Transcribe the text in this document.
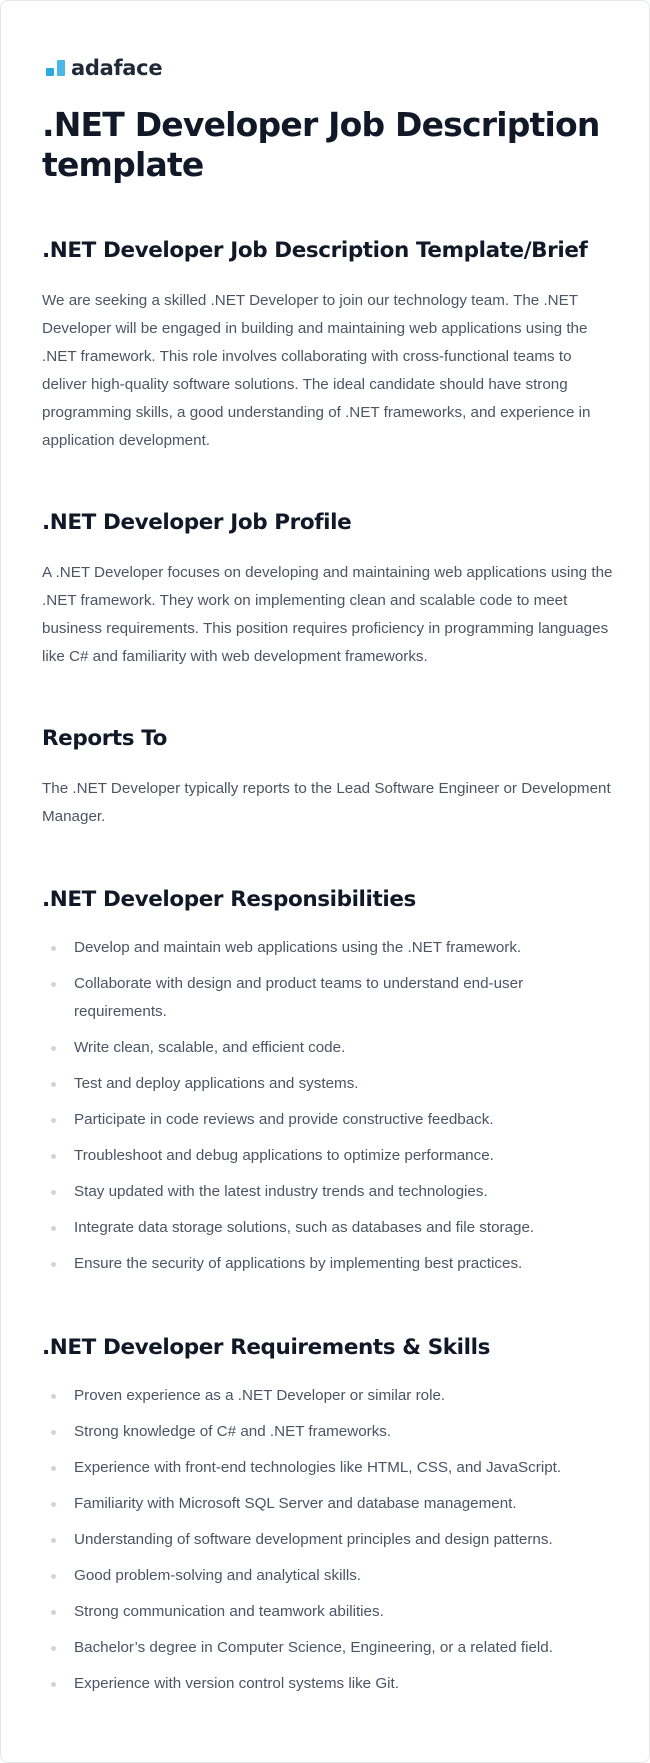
adaface
.NET Developer Job Description template
.NET Developer Job Description Template/Brief

We are seeking a skilled .NET Developer to join our technology team. The .NET Developer will be engaged in building and maintaining web applications using the .NET framework. This role involves collaborating with cross-functional teams to deliver high-quality software solutions. The ideal candidate should have strong programming skills, a good understanding of .NET frameworks, and experience in application development.

.NET Developer Job Profile

A .NET Developer focuses on developing and maintaining web applications using the .NET framework. They work on implementing clean and scalable code to meet business requirements. This position requires proficiency in programming languages like C# and familiarity with web development frameworks.

Reports To

The .NET Developer typically reports to the Lead Software Engineer or Development Manager.

.NET Developer Responsibilities
Develop and maintain web applications using the .NET framework.
Collaborate with design and product teams to understand end-user requirements.
Write clean, scalable, and efficient code.
Test and deploy applications and systems.
Participate in code reviews and provide constructive feedback.
Troubleshoot and debug applications to optimize performance.
Stay updated with the latest industry trends and technologies.
Integrate data storage solutions, such as databases and file storage.
Ensure the security of applications by implementing best practices.
.NET Developer Requirements & Skills
Proven experience as a .NET Developer or similar role.
Strong knowledge of C# and .NET frameworks.
Experience with front-end technologies like HTML, CSS, and JavaScript.
Familiarity with Microsoft SQL Server and database management.
Understanding of software development principles and design patterns.
Good problem-solving and analytical skills.
Strong communication and teamwork abilities.
Bachelor’s degree in Computer Science, Engineering, or a related field.
Experience with version control systems like Git.
